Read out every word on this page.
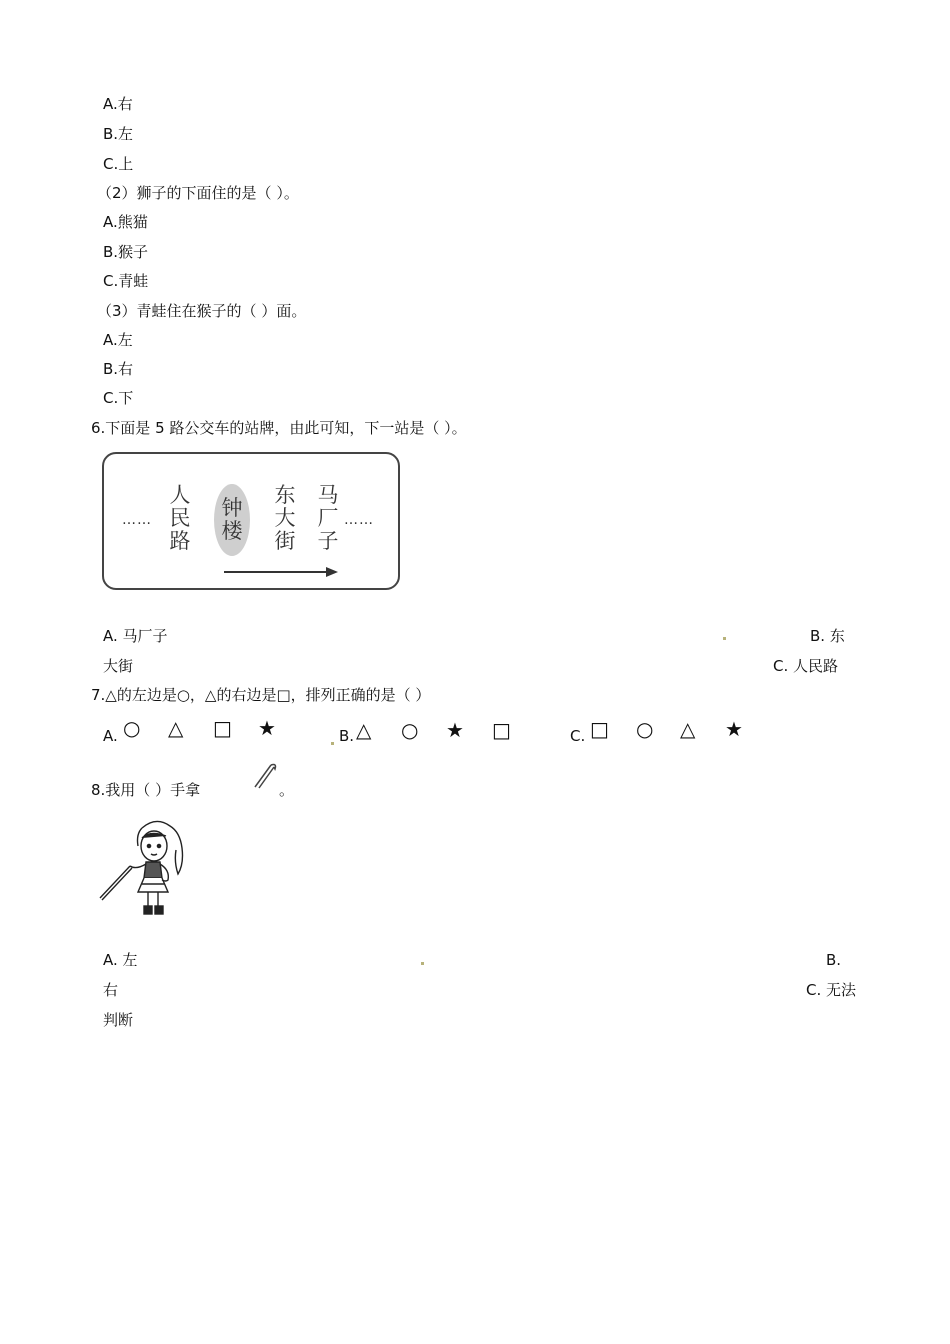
A.右
B.左
C.上
（2）狮子的下面住的是（ ）。
A.熊猫
B.猴子
C.青蛙
（3）青蛙住在猴子的（ ）面。
A.左
B.右
C.下
6.下面是 5 路公交车的站牌，由此可知，下一站是（ ）。
……
人民路
钟楼
东大街
马厂子
……
A. 马厂子	B. 东
大街	C. 人民路
7.△的左边是○，△的右边是□，排列正确的是（ ）
A. ○ △ □ ★	B. △ ○ ★ □	C. □ ○ △ ★
8.我用（ ）手拿	。
A. 左	B.
右	C. 无法
判断
